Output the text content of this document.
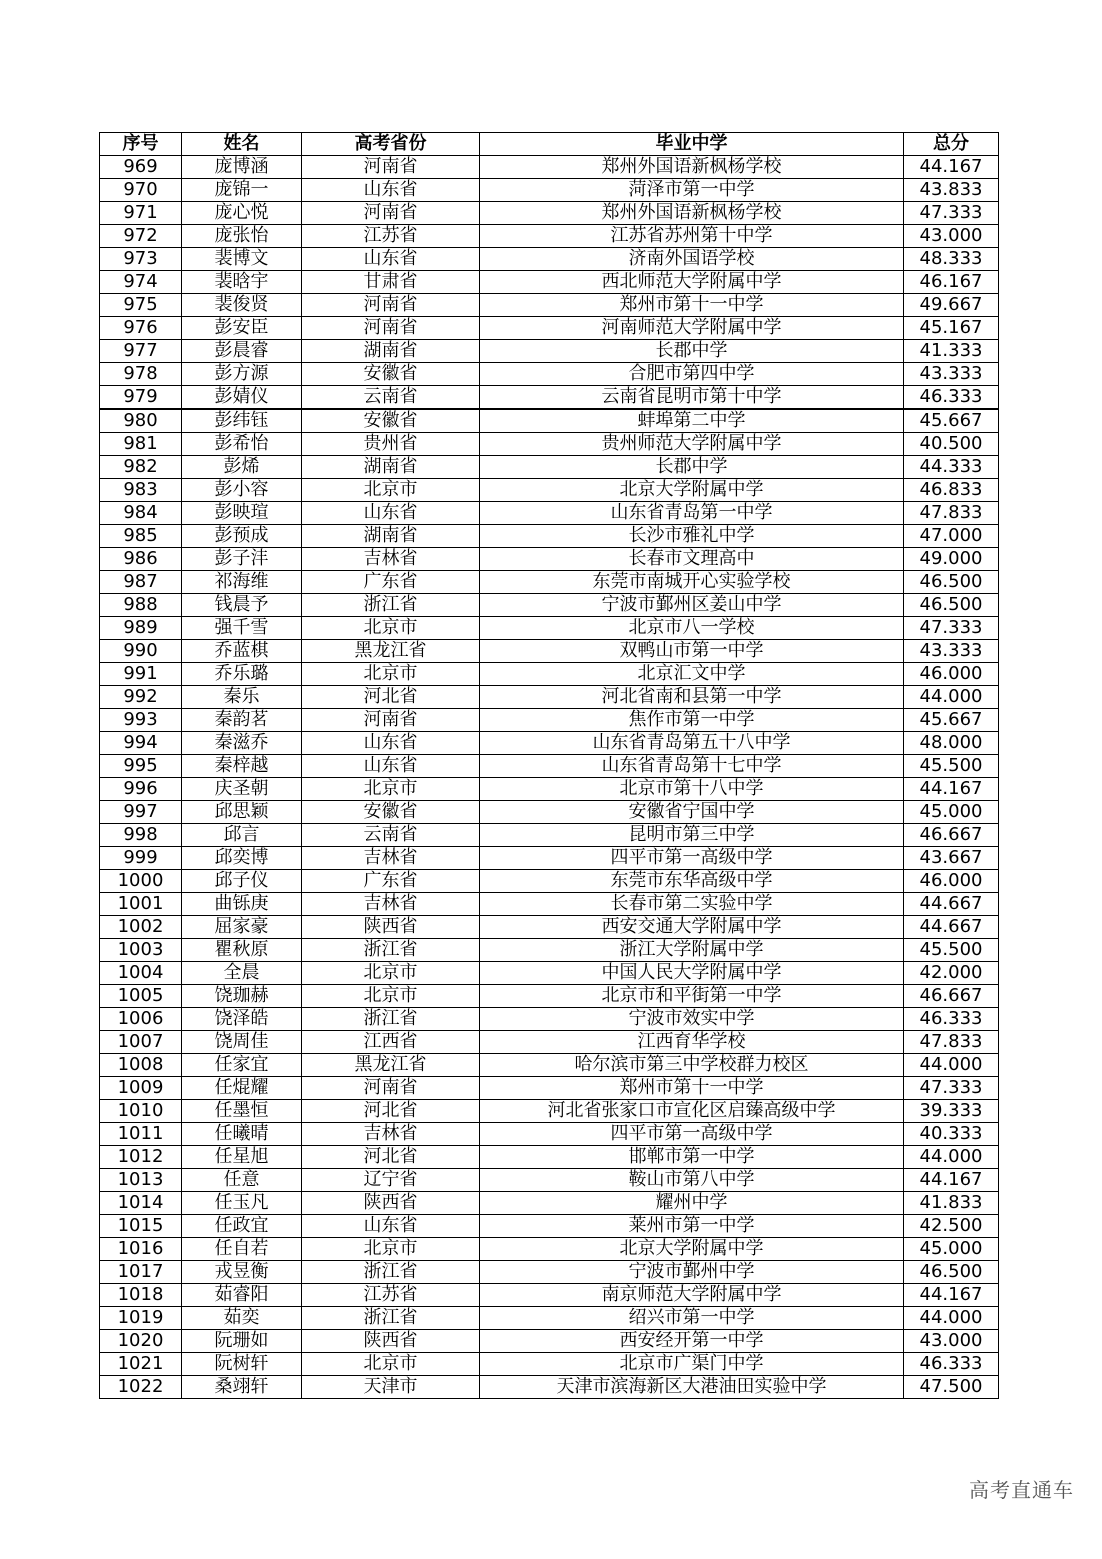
序号	姓名	高考省份	毕业中学	总分
969	庞博涵	河南省	郑州外国语新枫杨学校	44.167
970	庞锦一	山东省	菏泽市第一中学	43.833
971	庞心悦	河南省	郑州外国语新枫杨学校	47.333
972	庞张怡	江苏省	江苏省苏州第十中学	43.000
973	裴博文	山东省	济南外国语学校	48.333
974	裴晗宇	甘肃省	西北师范大学附属中学	46.167
975	裴俊贤	河南省	郑州市第十一中学	49.667
976	彭安臣	河南省	河南师范大学附属中学	45.167
977	彭晨睿	湖南省	长郡中学	41.333
978	彭方源	安徽省	合肥市第四中学	43.333
979	彭婧仪	云南省	云南省昆明市第十中学	46.333
980	彭纬钰	安徽省	蚌埠第二中学	45.667
981	彭希怡	贵州省	贵州师范大学附属中学	40.500
982	彭烯	湖南省	长郡中学	44.333
983	彭小容	北京市	北京大学附属中学	46.833
984	彭映瑄	山东省	山东省青岛第一中学	47.833
985	彭预成	湖南省	长沙市雅礼中学	47.000
986	彭子沣	吉林省	长春市文理高中	49.000
987	祁海维	广东省	东莞市南城开心实验学校	46.500
988	钱晨予	浙江省	宁波市鄞州区姜山中学	46.500
989	强千雪	北京市	北京市八一学校	47.333
990	乔蓝棋	黑龙江省	双鸭山市第一中学	43.333
991	乔乐璐	北京市	北京汇文中学	46.000
992	秦乐	河北省	河北省南和县第一中学	44.000
993	秦韵茗	河南省	焦作市第一中学	45.667
994	秦滋乔	山东省	山东省青岛第五十八中学	48.000
995	秦梓越	山东省	山东省青岛第十七中学	45.500
996	庆圣朝	北京市	北京市第十八中学	44.167
997	邱思颖	安徽省	安徽省宁国中学	45.000
998	邱言	云南省	昆明市第三中学	46.667
999	邱奕博	吉林省	四平市第一高级中学	43.667
1000	邱子仪	广东省	东莞市东华高级中学	46.000
1001	曲铄庚	吉林省	长春市第二实验中学	44.667
1002	屈家豪	陕西省	西安交通大学附属中学	44.667
1003	瞿秋原	浙江省	浙江大学附属中学	45.500
1004	全晨	北京市	中国人民大学附属中学	42.000
1005	饶珈赫	北京市	北京市和平街第一中学	46.667
1006	饶泽皓	浙江省	宁波市效实中学	46.333
1007	饶周佳	江西省	江西育华学校	47.833
1008	任家宜	黑龙江省	哈尔滨市第三中学校群力校区	44.000
1009	任焜耀	河南省	郑州市第十一中学	47.333
1010	任墨恒	河北省	河北省张家口市宣化区启臻高级中学	39.333
1011	任曦晴	吉林省	四平市第一高级中学	40.333
1012	任星旭	河北省	邯郸市第一中学	44.000
1013	任意	辽宁省	鞍山市第八中学	44.167
1014	任玉凡	陕西省	耀州中学	41.833
1015	任政宜	山东省	莱州市第一中学	42.500
1016	任自若	北京市	北京大学附属中学	45.000
1017	戎昱衡	浙江省	宁波市鄞州中学	46.500
1018	茹睿阳	江苏省	南京师范大学附属中学	44.167
1019	茹奕	浙江省	绍兴市第一中学	44.000
1020	阮珊如	陕西省	西安经开第一中学	43.000
1021	阮树轩	北京市	北京市广渠门中学	46.333
1022	桑翊轩	天津市	天津市滨海新区大港油田实验中学	47.500
高考直通车
